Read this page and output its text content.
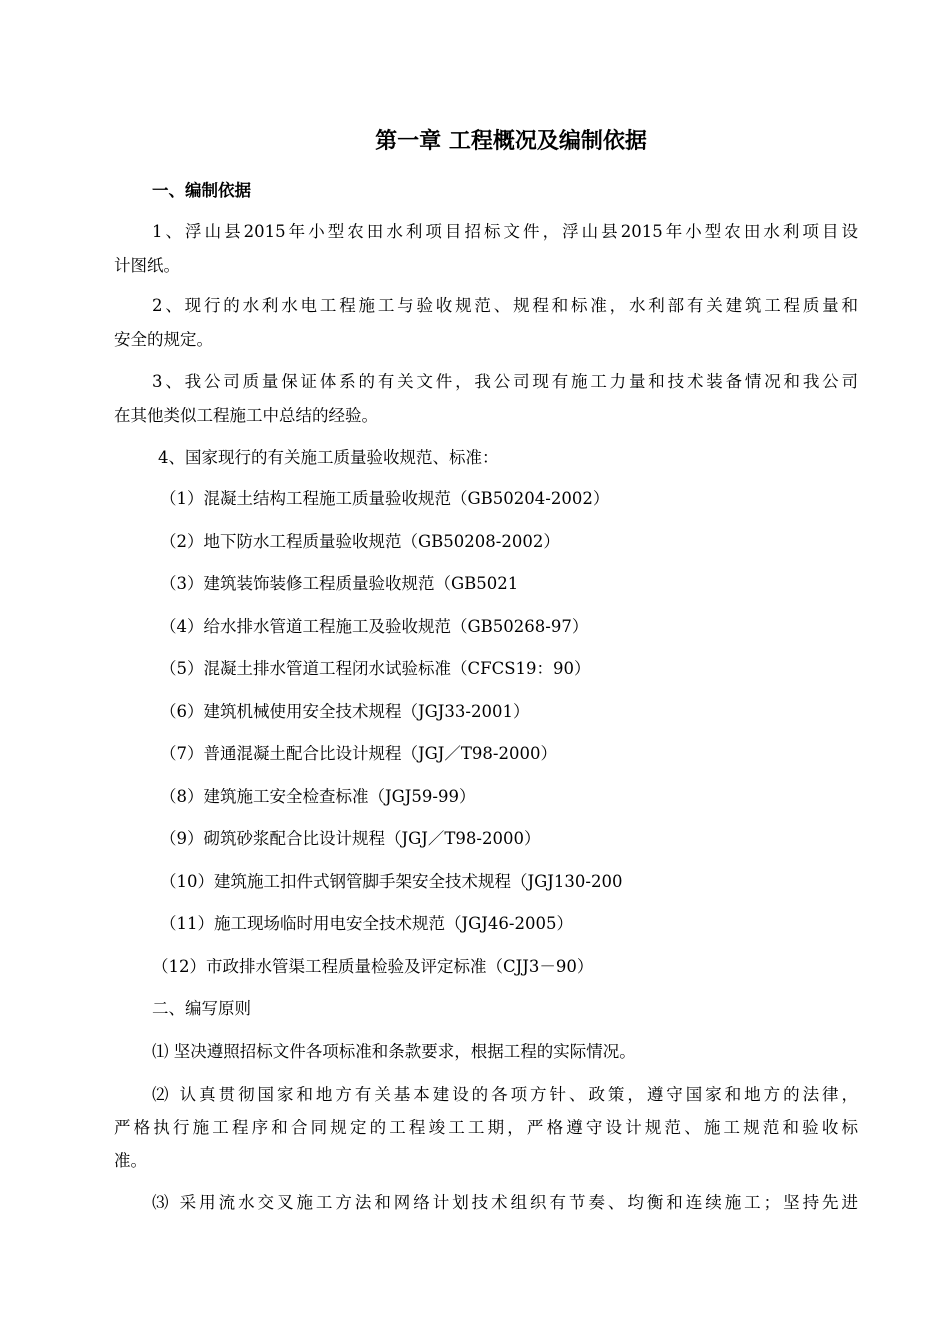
第一章 工程概况及编制依据
一、编制依据
1、浮山县2015年小型农田水利项目招标文件，浮山县2015年小型农田水利项目设
计图纸。
2、现行的水利水电工程施工与验收规范、规程和标准，水利部有关建筑工程质量和
安全的规定。
3、我公司质量保证体系的有关文件，我公司现有施工力量和技术装备情况和我公司
在其他类似工程施工中总结的经验。
4、国家现行的有关施工质量验收规范、标准：
（1）混凝土结构工程施工质量验收规范（GB50204-2002）
（2）地下防水工程质量验收规范（GB50208-2002）
（3）建筑装饰装修工程质量验收规范（GB5021
（4）给水排水管道工程施工及验收规范（GB50268-97）
（5）混凝土排水管道工程闭水试验标准（CFCS19：90）
（6）建筑机械使用安全技术规程（JGJ33-2001）
（7）普通混凝土配合比设计规程（JGJ／T98-2000）
（8）建筑施工安全检查标准（JGJ59-99）
（9）砌筑砂浆配合比设计规程（JGJ／T98-2000）
（10）建筑施工扣件式钢管脚手架安全技术规程（JGJ130-200
（11）施工现场临时用电安全技术规范（JGJ46-2005）
（12）市政排水管渠工程质量检验及评定标准（CJJ3－90）
二、编写原则
⑴ 坚决遵照招标文件各项标准和条款要求，根据工程的实际情况。
⑵ 认真贯彻国家和地方有关基本建设的各项方针、政策，遵守国家和地方的法律，
严格执行施工程序和合同规定的工程竣工工期，严格遵守设计规范、施工规范和验收标
准。
⑶ 采用流水交叉施工方法和网络计划技术组织有节奏、均衡和连续施工；坚持先进
